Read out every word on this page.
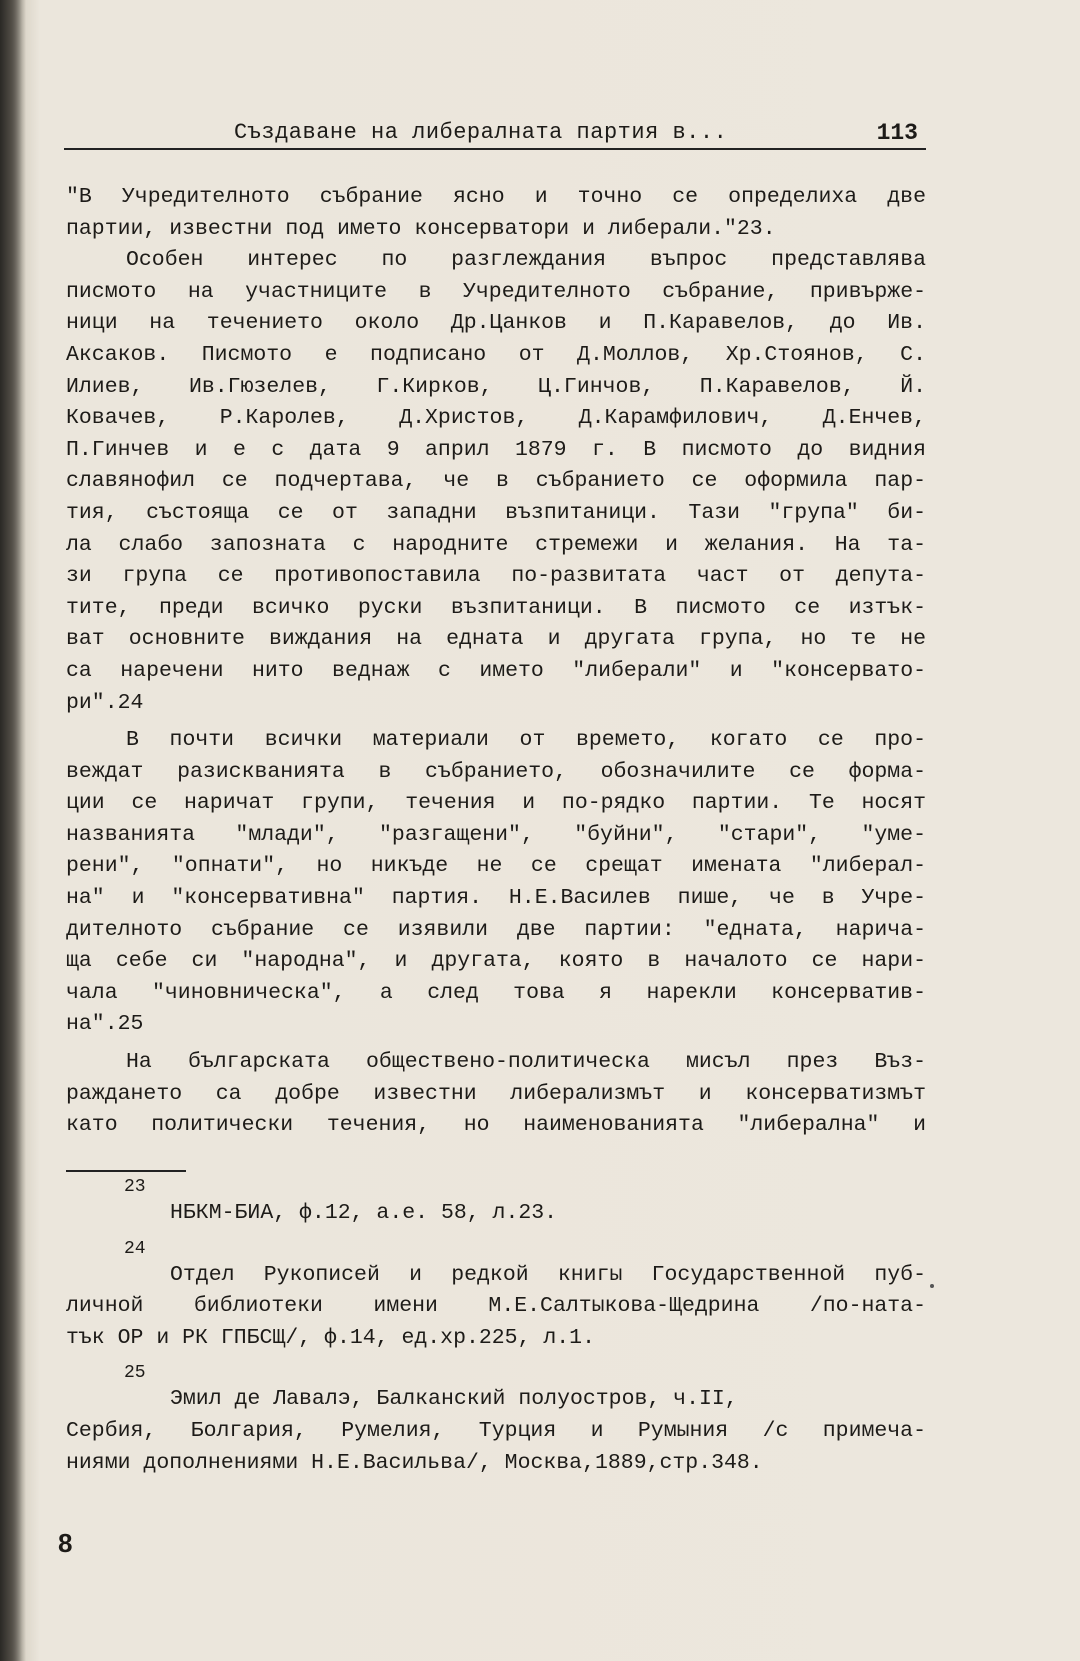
Създаване на либералната партия в...	113
"В Учредителното събрание ясно и точно се определиха две
партии, известни под името консерватори и либерали."23.
Особен интерес по разглеждания въпрос представлява
писмото на участниците в Учредителното събрание, привърже-
ници на течението около Др.Цанков и П.Каравелов, до Ив.
Аксаков. Писмото е подписано от Д.Моллов, Хр.Стоянов, С.
Илиев, Ив.Гюзелев, Г.Кирков, Ц.Гинчов, П.Каравелов, Й.
Ковачев, Р.Каролев, Д.Христов, Д.Карамфилович, Д.Енчев,
П.Гинчев и е с дата 9 април 1879 г. В писмото до видния
славянофил се подчертава, че в събранието се оформила пар-
тия, състояща се от западни възпитаници. Тази "група" би-
ла слабо запозната с народните стремежи и желания. На та-
зи група се противопоставила по-развитата част от депута-
тите, преди всичко руски възпитаници. В писмото се изтък-
ват основните виждания на едната и другата група, но те не
са наречени нито веднаж с името "либерали" и "консервато-
ри".24
В почти всички материали от времето, когато се про-
веждат разискванията в събранието, обозначилите се форма-
ции се наричат групи, течения и по-рядко партии. Те носят
названията "млади", "разгащени", "буйни", "стари", "уме-
рени", "опнати", но никъде не се срещат имената "либерал-
на" и "консервативна" партия. Н.Е.Василев пише, че в Учре-
дителното събрание се изявили две партии: "едната, нарича-
ща себе си "народна", и другата, която в началото се нари-
чала "чиновническа", а след това я нарекли консерватив-
на".25
На българската обществено-политическа мисъл през Въз-
раждането са добре известни либерализмът и консерватизмът
като политически течения, но наименованията "либерална" и
23
НБКМ-БИА, ф.12, а.е. 58, л.23.
24
Отдел Рукописей и редкой книгы Государственной пуб-
личной библиотеки имени М.Е.Салтыкова-Щедрина /по-ната-
тък ОР и РК ГПБСЩ/, ф.14, ед.хр.225, л.1.
25
Эмил де Лавалэ, Балканский полуостров, ч.II,
Сербия, Болгария, Румелия, Турция и Румыния /с примеча-
ниями дополнениями Н.Е.Васильва/, Москва,1889,стр.348.
8
